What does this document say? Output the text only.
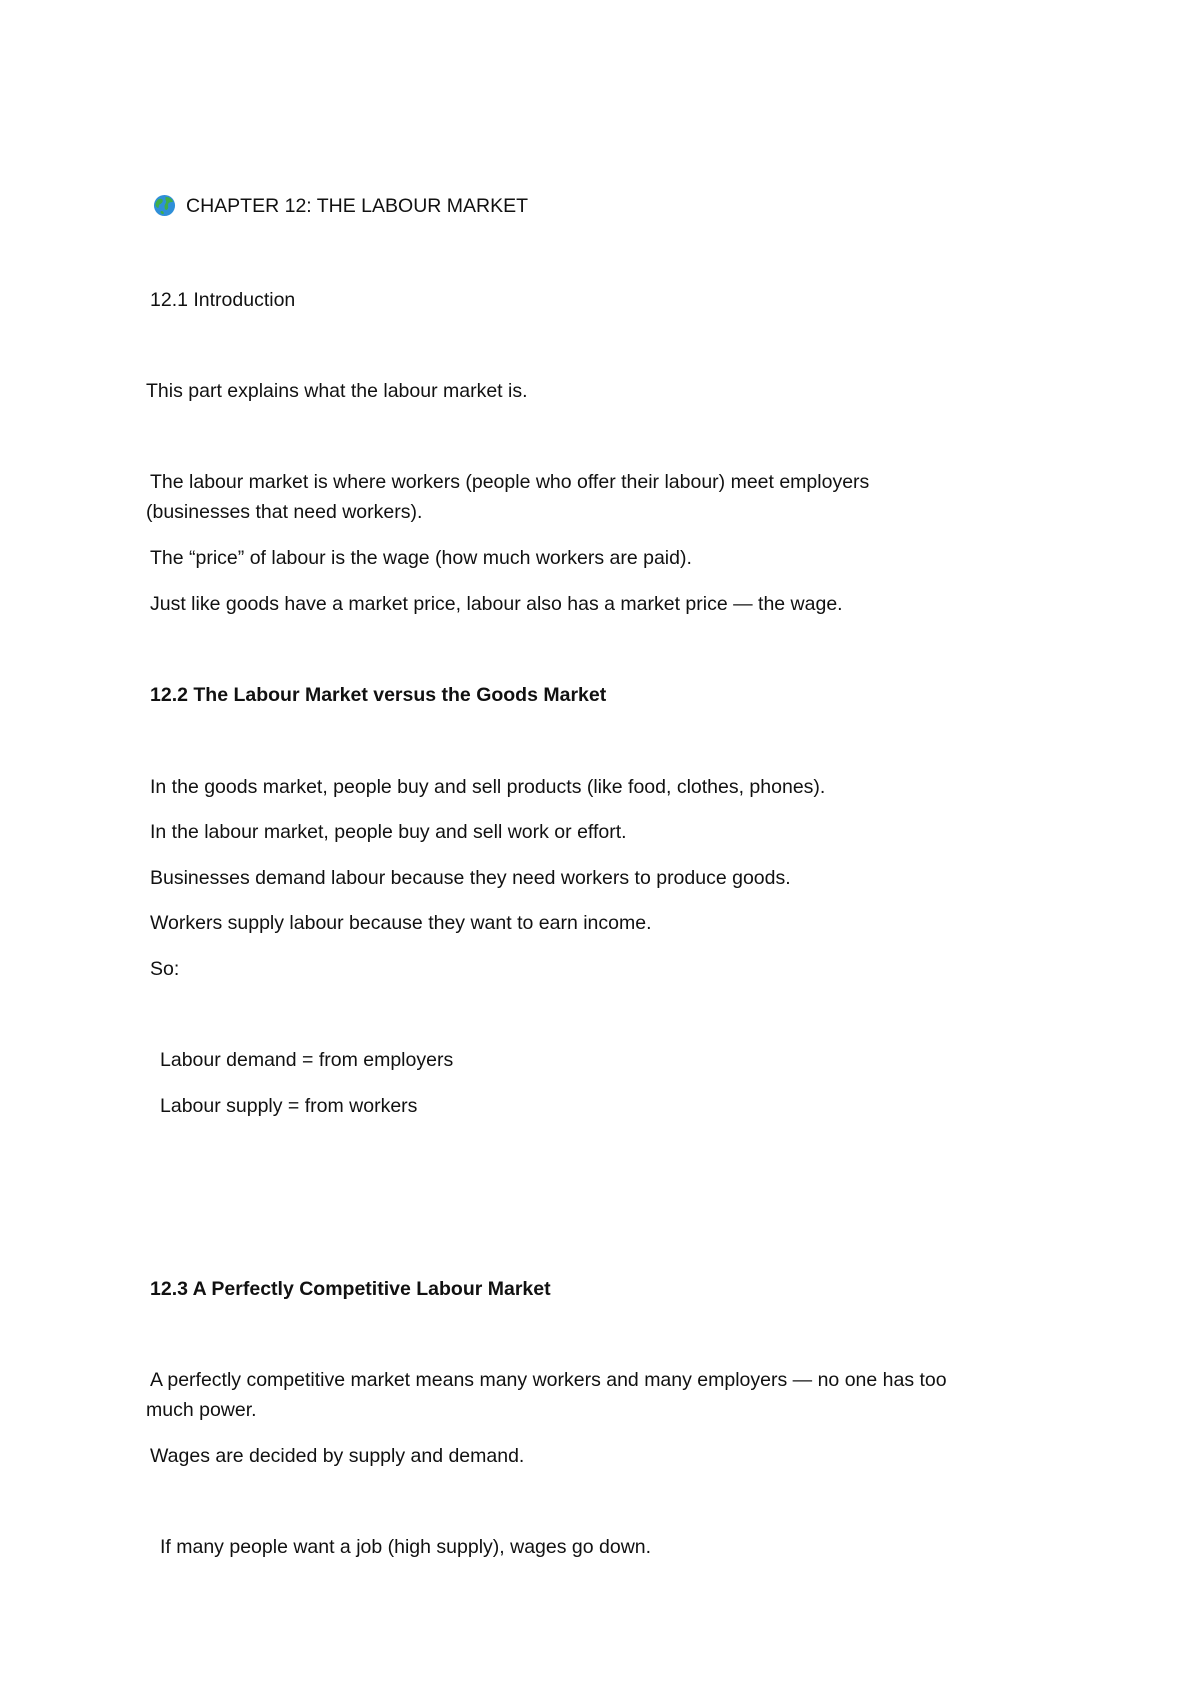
CHAPTER 12: THE LABOUR MARKET

12.1 Introduction

This part explains what the labour market is.

The labour market is where workers (people who offer their labour) meet employers

(businesses that need workers).

The “price” of labour is the wage (how much workers are paid).

Just like goods have a market price, labour also has a market price — the wage.

12.2 The Labour Market versus the Goods Market

In the goods market, people buy and sell products (like food, clothes, phones).

In the labour market, people buy and sell work or effort.

Businesses demand labour because they need workers to produce goods.

Workers supply labour because they want to earn income.

So:

Labour demand = from employers

Labour supply = from workers

12.3 A Perfectly Competitive Labour Market

A perfectly competitive market means many workers and many employers — no one has too

much power.

Wages are decided by supply and demand.

If many people want a job (high supply), wages go down.
